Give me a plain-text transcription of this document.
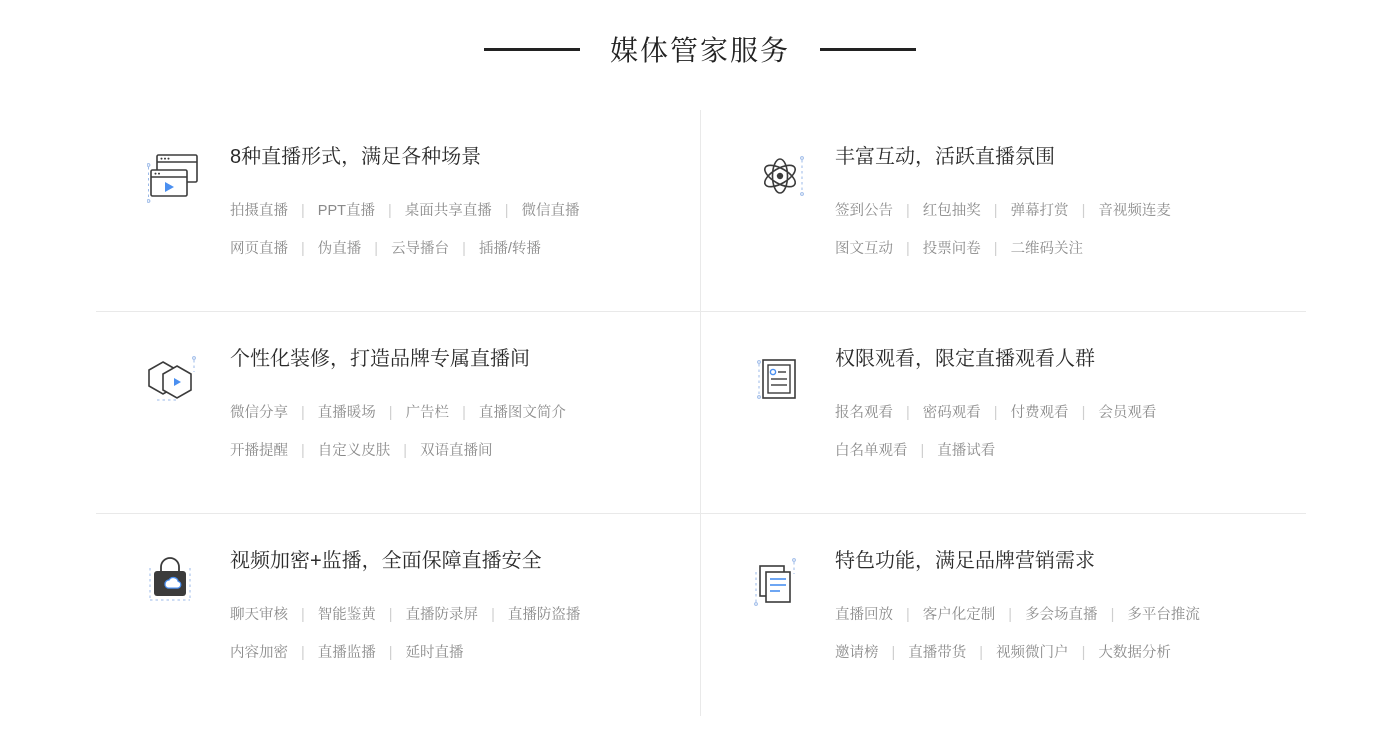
媒体管家服务
8种直播形式，满足各种场景
拍摄直播 | PPT直播 | 桌面共享直播 | 微信直播
网页直播 | 伪直播 | 云导播台 | 插播/转播
丰富互动，活跃直播氛围
签到公告 | 红包抽奖 | 弹幕打赏 | 音视频连麦
图文互动 | 投票问卷 | 二维码关注
个性化装修，打造品牌专属直播间
微信分享 | 直播暖场 | 广告栏 | 直播图文简介
开播提醒 | 自定义皮肤 | 双语直播间
权限观看，限定直播观看人群
报名观看 | 密码观看 | 付费观看 | 会员观看
白名单观看 | 直播试看
视频加密+监播，全面保障直播安全
聊天审核 | 智能鉴黄 | 直播防录屏 | 直播防盗播
内容加密 | 直播监播 | 延时直播
特色功能，满足品牌营销需求
直播回放 | 客户化定制 | 多会场直播 | 多平台推流
邀请榜 | 直播带货 | 视频微门户 | 大数据分析
